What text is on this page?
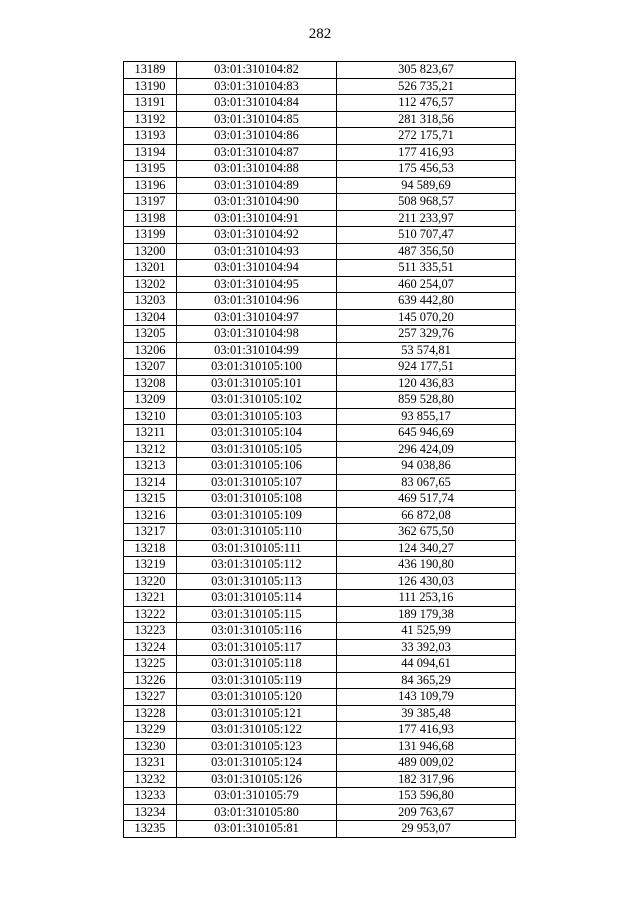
282
13189	03:01:310104:82	305 823,67
13190	03:01:310104:83	526 735,21
13191	03:01:310104:84	112 476,57
13192	03:01:310104:85	281 318,56
13193	03:01:310104:86	272 175,71
13194	03:01:310104:87	177 416,93
13195	03:01:310104:88	175 456,53
13196	03:01:310104:89	94 589,69
13197	03:01:310104:90	508 968,57
13198	03:01:310104:91	211 233,97
13199	03:01:310104:92	510 707,47
13200	03:01:310104:93	487 356,50
13201	03:01:310104:94	511 335,51
13202	03:01:310104:95	460 254,07
13203	03:01:310104:96	639 442,80
13204	03:01:310104:97	145 070,20
13205	03:01:310104:98	257 329,76
13206	03:01:310104:99	53 574,81
13207	03:01:310105:100	924 177,51
13208	03:01:310105:101	120 436,83
13209	03:01:310105:102	859 528,80
13210	03:01:310105:103	93 855,17
13211	03:01:310105:104	645 946,69
13212	03:01:310105:105	296 424,09
13213	03:01:310105:106	94 038,86
13214	03:01:310105:107	83 067,65
13215	03:01:310105:108	469 517,74
13216	03:01:310105:109	66 872,08
13217	03:01:310105:110	362 675,50
13218	03:01:310105:111	124 340,27
13219	03:01:310105:112	436 190,80
13220	03:01:310105:113	126 430,03
13221	03:01:310105:114	111 253,16
13222	03:01:310105:115	189 179,38
13223	03:01:310105:116	41 525,99
13224	03:01:310105:117	33 392,03
13225	03:01:310105:118	44 094,61
13226	03:01:310105:119	84 365,29
13227	03:01:310105:120	143 109,79
13228	03:01:310105:121	39 385,48
13229	03:01:310105:122	177 416,93
13230	03:01:310105:123	131 946,68
13231	03:01:310105:124	489 009,02
13232	03:01:310105:126	182 317,96
13233	03:01:310105:79	153 596,80
13234	03:01:310105:80	209 763,67
13235	03:01:310105:81	29 953,07
